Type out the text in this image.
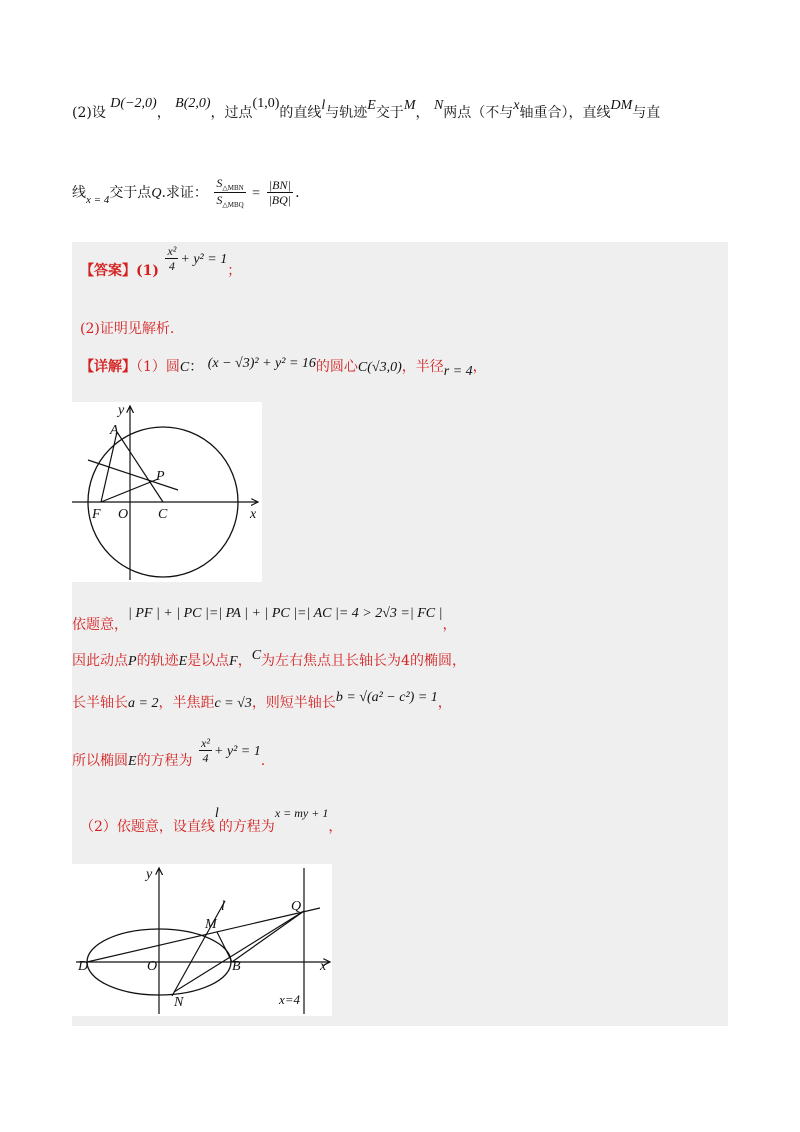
(2)设 D(−2,0)， B(2,0)，过点(1,0)的直线l与轨迹E交于M， N两点（不与x轴重合），直线DM与直
线$_{x = 4}$交于点Q.求证： $\frac{S_{\triangle MBN}}{S_{\triangle MBQ}} = \frac{|BN|}{|BQ|}$ .
【答案】$(1) \frac{\text{x²}}{4} + y^2 = 1$；
(2)证明见解析.
【详解】（1）圆C： (x − √3)² + y² = 16的圆心C(√3,0)，半径r = 4，
y
A
P
F O C	x
依题意，| PF | + | PC |=| PA | + | PC |=| AC |= 4 > 2√3 =| FC |，
因此动点P的轨迹E是以点F，C为左右焦点且长轴长为4的椭圆，
长半轴长a = 2，半焦距c = √3，则短半轴长b = √(a² − c²) = 1，
所以椭圆E的方程为 $\frac{\text{x²}}{4} + y^2 = 1$.
（2）依题意，设直线l的方程为x = my + 1，
y
l
M
Q
D	O	B	x
N	x=4
